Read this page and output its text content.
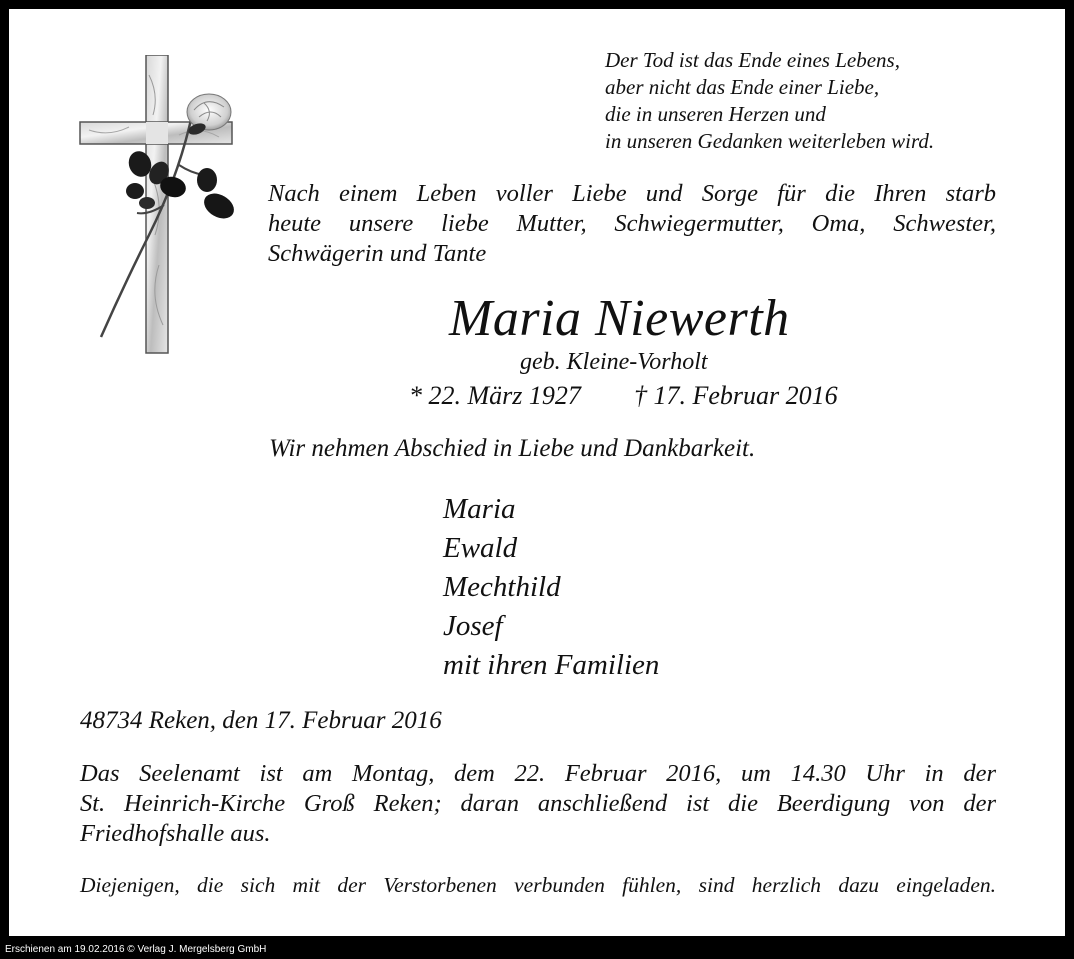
Der Tod ist das Ende eines Lebens,
aber nicht das Ende einer Liebe,
die in unseren Herzen und
in unseren Gedanken weiterleben wird.
Nach einem Leben voller Liebe und Sorge für die Ihren starb
heute unsere liebe Mutter, Schwiegermutter, Oma, Schwester,
Schwägerin und Tante
Maria Niewerth
geb. Kleine-Vorholt
* 22. März 1927 † 17. Februar 2016
Wir nehmen Abschied in Liebe und Dankbarkeit.
Maria
Ewald
Mechthild
Josef
mit ihren Familien
48734 Reken, den 17. Februar 2016
Das Seelenamt ist am Montag, dem 22. Februar 2016, um 14.30 Uhr in der
St. Heinrich-Kirche Groß Reken; daran anschließend ist die Beerdigung von der
Friedhofshalle aus.
Diejenigen, die sich mit der Verstorbenen verbunden fühlen, sind herzlich dazu eingeladen.
Erschienen am 19.02.2016 © Verlag J. Mergelsberg GmbH
